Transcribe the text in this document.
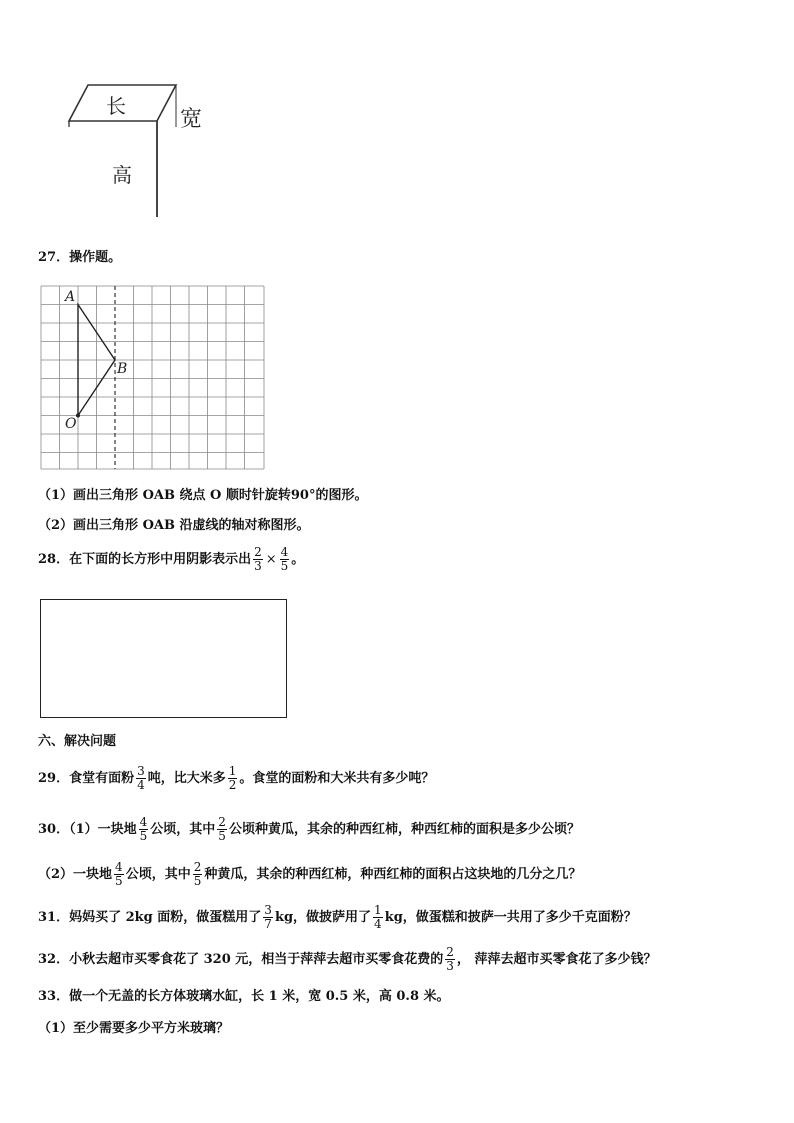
长
宽
高
27．操作题。
A
B
O
（1）画出三角形 OAB 绕点 O 顺时针旋转90°的图形。
（2）画出三角形 OAB 沿虚线的轴对称图形。
28．在下面的长方形中用阴影表示出 $\frac{2}{3} \times \frac{4}{5}$ 。
六、解决问题
29．食堂有面粉 $\frac{3}{4}$ 吨，比大米多 $\frac{1}{2}$ 。食堂的面粉和大米共有多少吨？
30．（1）一块地 $\frac{4}{5}$ 公顷，其中 $\frac{2}{5}$ 公顷种黄瓜，其余的种西红柿，种西红柿的面积是多少公顷？
（2）一块地 $\frac{4}{5}$ 公顷，其中 $\frac{2}{5}$ 种黄瓜，其余的种西红柿，种西红柿的面积占这块地的几分之几？
31．妈妈买了 2kg 面粉，做蛋糕用了 $\frac{3}{7}$ kg，做披萨用了 $\frac{1}{4}$ kg，做蛋糕和披萨一共用了多少千克面粉？
32．小秋去超市买零食花了 320 元，相当于萍萍去超市买零食花费的 $\frac{2}{3}$ ， 萍萍去超市买零食花了多少钱？
33．做一个无盖的长方体玻璃水缸，长 1 米，宽 0.5 米，高 0.8 米。
（1）至少需要多少平方米玻璃？
